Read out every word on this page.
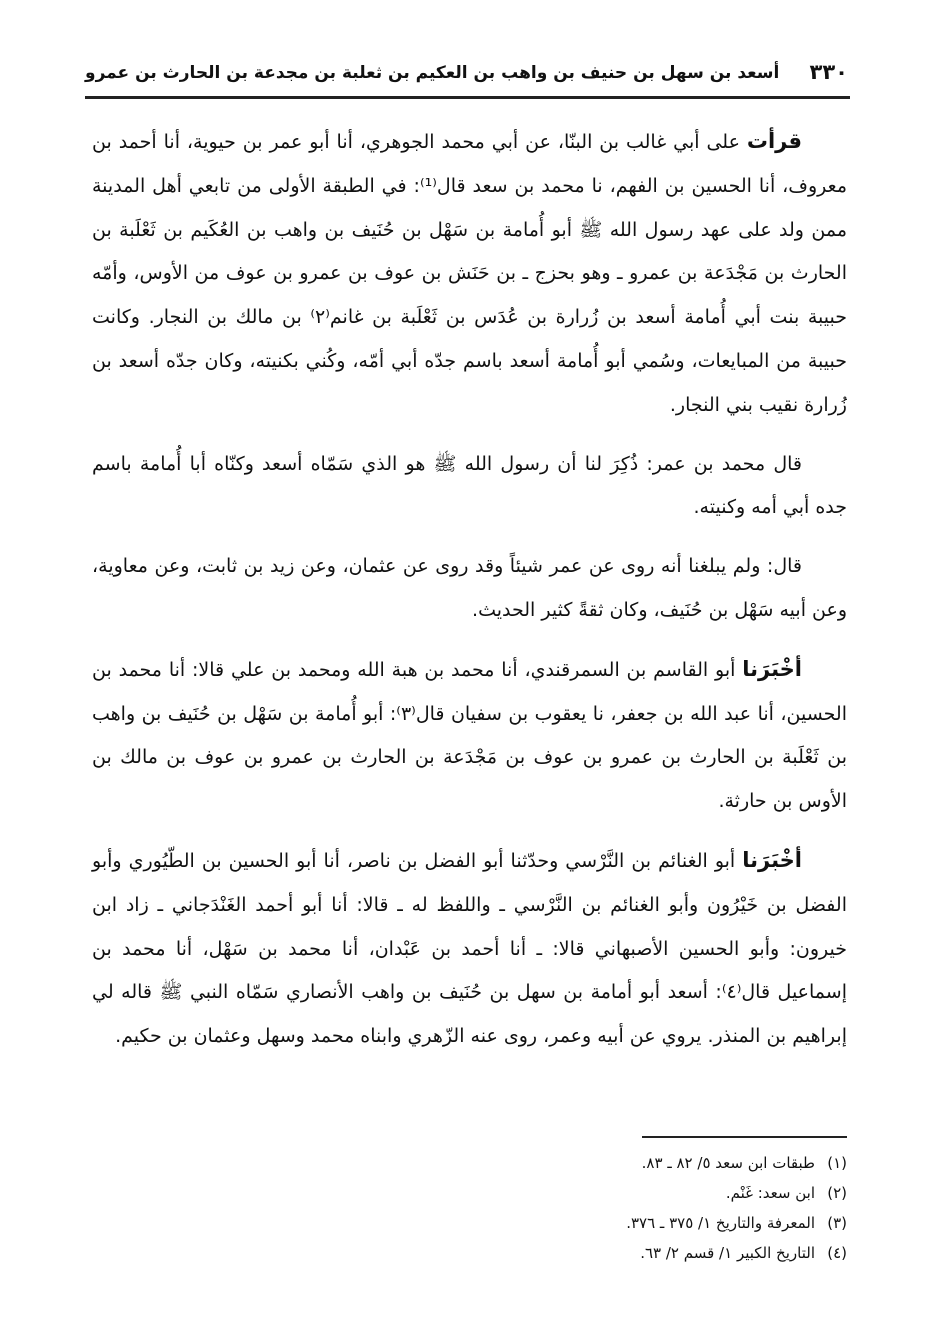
٣٣٠
أسعد بن سهل بن حنيف بن واهب بن العكيم بن ثعلبة بن مجدعة بن الحارث بن عمرو

قرأت على أبي غالب بن البنّا، عن أبي محمد الجوهري، أنا أبو عمر بن حيوية، أنا أحمد بن معروف، أنا الحسين بن الفهم، نا محمد بن سعد قال⁽¹⁾: في الطبقة الأولى من تابعي أهل المدينة ممن ولد على عهد رسول الله ﷺ أبو أُمامة بن سَهْل بن حُنَيف بن واهب بن العُكَيم بن ثَعْلَبة بن الحارث بن مَجْدَعة بن عمرو ـ وهو بحزج ـ بن حَنَش بن عوف بن عمرو بن عوف من الأوس، وأمّه حبيبة بنت أبي أُمامة أسعد بن زُرارة بن عُدَس بن ثَعْلَبة بن غانم⁽٢⁾ بن مالك بن النجار. وكانت حبيبة من المبايعات، وسُمي أبو أُمامة أسعد باسم جدّه أبي أمّه، وكُني بكنيته، وكان جدّه أسعد بن زُرارة نقيب بني النجار.

قال محمد بن عمر: ذُكِرَ لنا أن رسول الله ﷺ هو الذي سَمّاه أسعد وكنّاه أبا أُمامة باسم جده أبي أمه وكنيته.

قال: ولم يبلغنا أنه روى عن عمر شيئاً وقد روى عن عثمان، وعن زيد بن ثابت، وعن معاوية، وعن أبيه سَهْل بن حُنَيف، وكان ثقةً كثير الحديث.

أخْبَرَنا أبو القاسم بن السمرقندي، أنا محمد بن هبة الله ومحمد بن علي قالا: أنا محمد بن الحسين، أنا عبد الله بن جعفر، نا يعقوب بن سفيان قال⁽٣⁾: أبو أُمامة بن سَهْل بن حُنَيف بن واهب بن ثَعْلَبة بن الحارث بن عمرو بن عوف بن مَجْدَعة بن الحارث بن عمرو بن عوف بن مالك بن الأوس بن حارثة.

أخْبَرَنا أبو الغنائم بن النَّرْسي وحدّثنا أبو الفضل بن ناصر، أنا أبو الحسين بن الطّيُوري وأبو الفضل بن خَيْرُون وأبو الغنائم بن النَّرْسي ـ واللفظ له ـ قالا: أنا أبو أحمد الغَنْدَجاني ـ زاد ابن خيرون: وأبو الحسين الأصبهاني قالا: ـ أنا أحمد بن عَبْدان، أنا محمد بن سَهْل، أنا محمد بن إسماعيل قال⁽٤⁾: أسعد أبو أمامة بن سهل بن حُنَيف بن واهب الأنصاري سَمّاه النبي ﷺ قاله لي إبراهيم بن المنذر. يروي عن أبيه وعمر، روى عنه الزّهري وابناه محمد وسهل وعثمان بن حكيم.

(١)طبقات ابن سعد ٥/ ٨٢ ـ ٨٣.
(٢)ابن سعد: غَنْم.
(٣)المعرفة والتاريخ ١/ ٣٧٥ ـ ٣٧٦.
(٤)التاريخ الكبير ١/ قسم ٢/ ٦٣.
